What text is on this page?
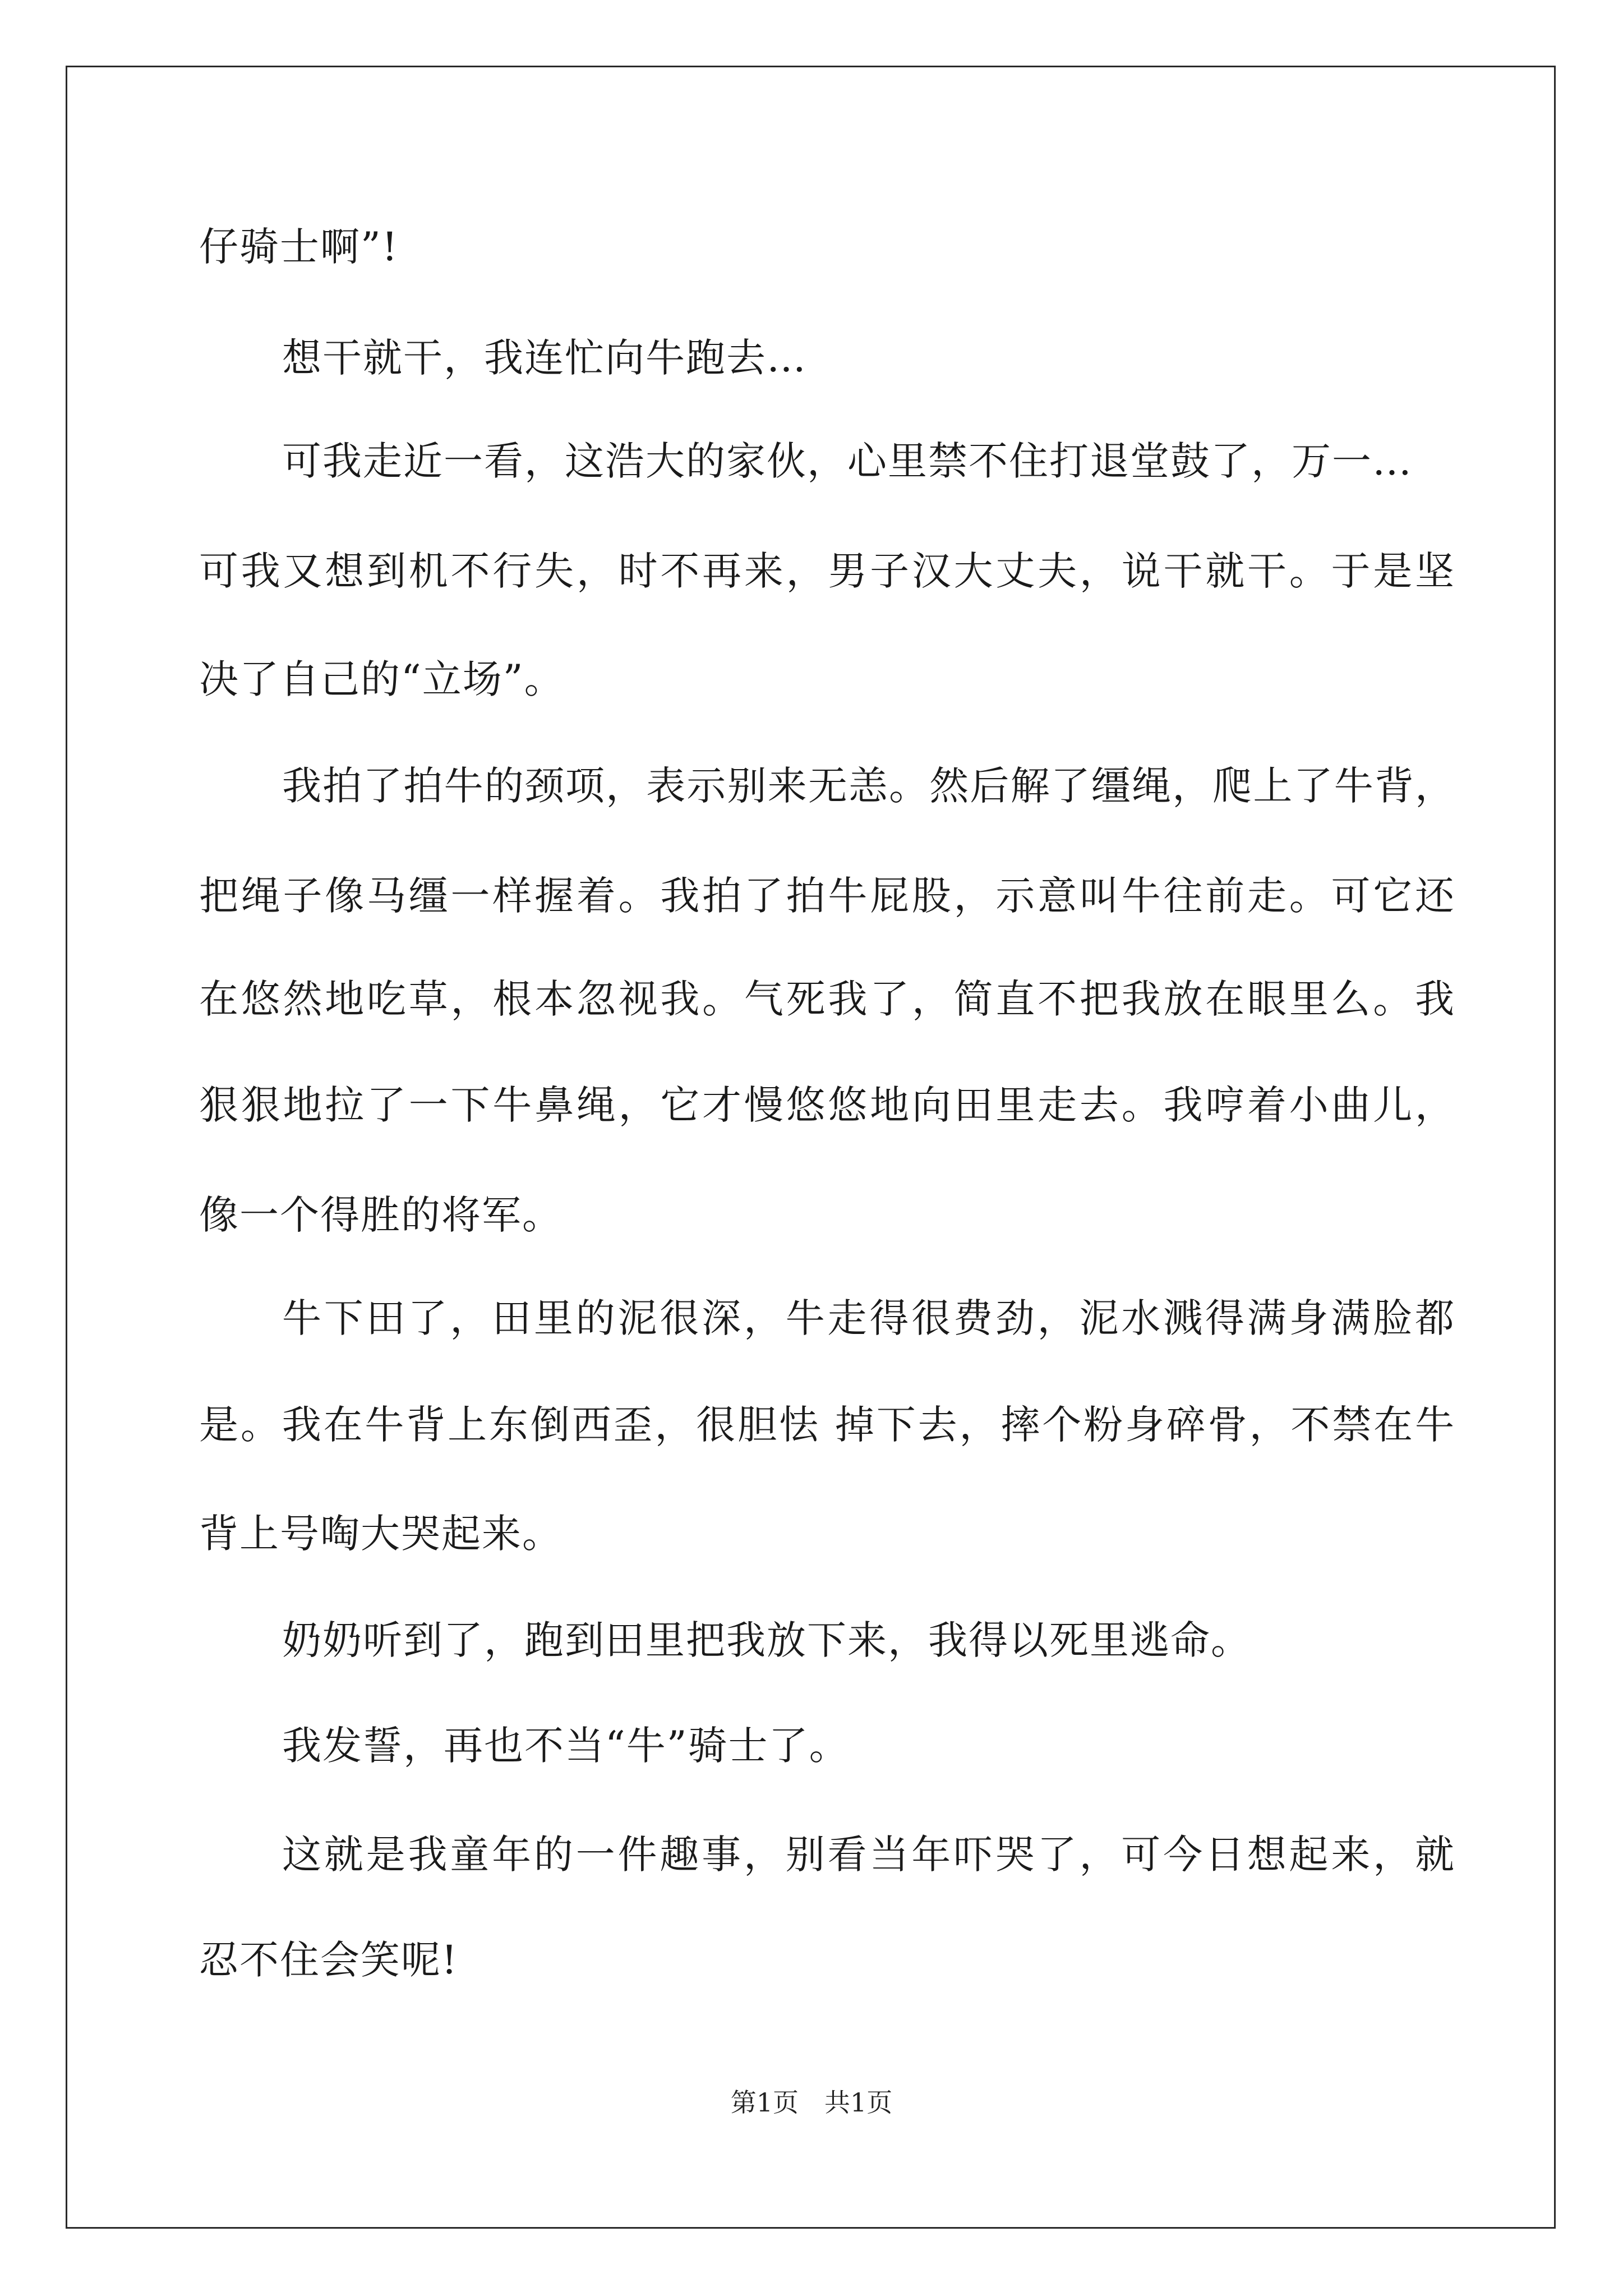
仔骑士啊”!
想干就干，我连忙向牛跑去…
可我走近一看，这浩大的家伙，心里禁不住打退堂鼓了，万一…
可我又想到机不行失，时不再来，男子汉大丈夫，说干就干。于是坚
决了自己的“立场”。
我拍了拍牛的颈项，表示别来无恙。然后解了缰绳，爬上了牛背，
把绳子像马缰一样握着。我拍了拍牛屁股，示意叫牛往前走。可它还
在悠然地吃草，根本忽视我。气死我了，简直不把我放在眼里么。我
狠狠地拉了一下牛鼻绳，它才慢悠悠地向田里走去。我哼着小曲儿，
像一个得胜的将军。
牛下田了，田里的泥很深，牛走得很费劲，泥水溅得满身满脸都
是。我在牛背上东倒西歪，很胆怯 掉下去，摔个粉身碎骨，不禁在牛
背上号啕大哭起来。
奶奶听到了，跑到田里把我放下来，我得以死里逃命。
我发誓，再也不当“牛”骑士了。
这就是我童年的一件趣事，别看当年吓哭了，可今日想起来，就
忍不住会笑呢!
第1页　共1页
